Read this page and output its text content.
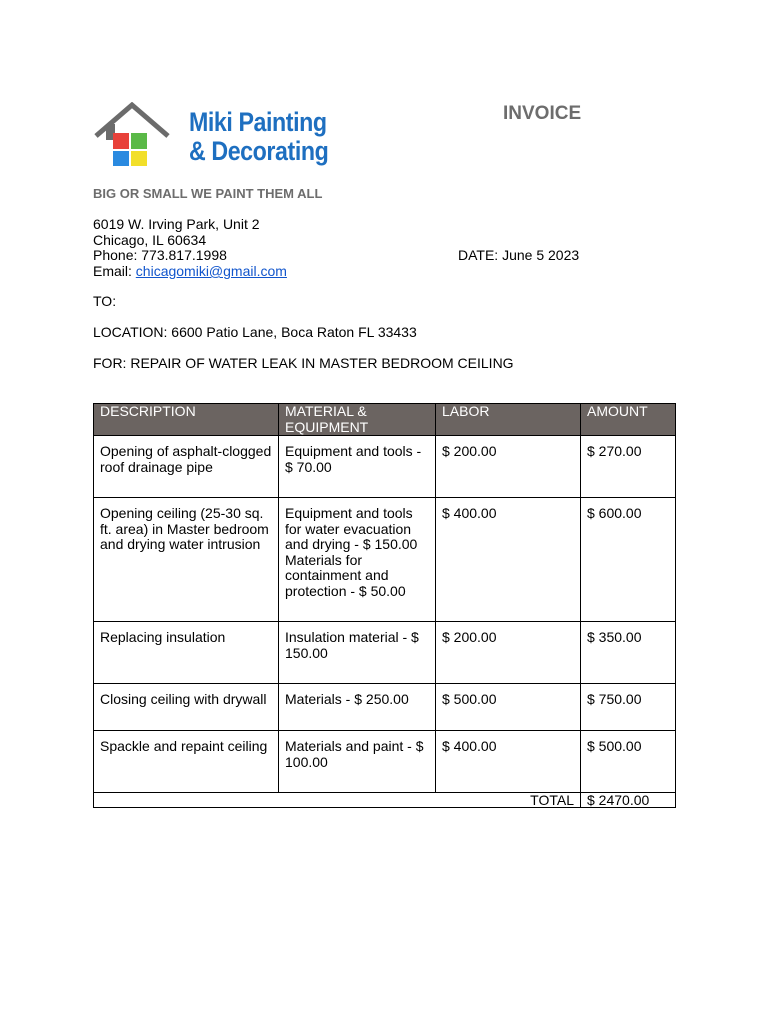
Miki Painting
& Decorating
INVOICE
BIG OR SMALL WE PAINT THEM ALL
6019 W. Irving Park, Unit 2
Chicago, IL 60634
Phone: 773.817.1998	DATE: June 5 2023
Email: chicagomiki@gmail.com
TO:
LOCATION: 6600 Patio Lane, Boca Raton FL 33433
FOR: REPAIR OF WATER LEAK IN MASTER BEDROOM CEILING
DESCRIPTION	MATERIAL & EQUIPMENT	LABOR	AMOUNT
Opening of asphalt-clogged roof drainage pipe	Equipment and tools - $ 70.00	$ 200.00	$ 270.00
Opening ceiling (25-30 sq. ft. area) in Master bedroom and drying water intrusion	Equipment and tools for water evacuation and drying - $ 150.00 Materials for containment and protection - $ 50.00	$ 400.00	$ 600.00
Replacing insulation	Insulation material - $ 150.00	$ 200.00	$ 350.00
Closing ceiling with drywall	Materials - $ 250.00	$ 500.00	$ 750.00
Spackle and repaint ceiling	Materials and paint - $ 100.00	$ 400.00	$ 500.00
TOTAL			$ 2470.00
